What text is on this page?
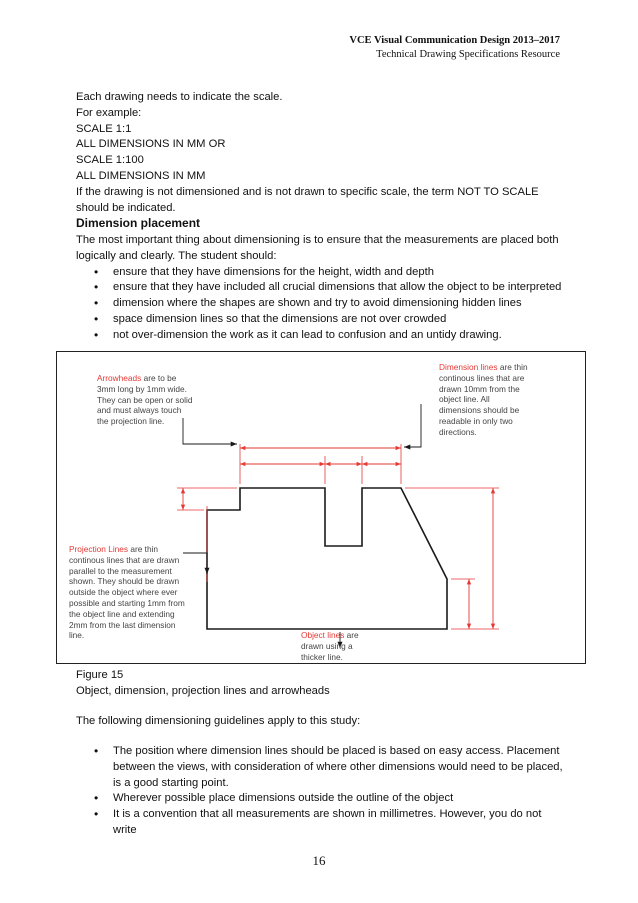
VCE Visual Communication Design 2013–2017
Technical Drawing Specifications Resource
Each drawing needs to indicate the scale.
For example:
SCALE 1:1
ALL DIMENSIONS IN MM OR
SCALE 1:100
ALL DIMENSIONS IN MM
If the drawing is not dimensioned and is not drawn to specific scale, the term NOT TO SCALE should be indicated.
Dimension placement
The most important thing about dimensioning is to ensure that the measurements are placed both logically and clearly. The student should:
• ensure that they have dimensions for the height, width and depth
• ensure that they have included all crucial dimensions that allow the object to be interpreted
• dimension where the shapes are shown and try to avoid dimensioning hidden lines
• space dimension lines so that the dimensions are not over crowded
• not over-dimension the work as it can lead to confusion and an untidy drawing.
Arrowheads are to be 3mm long by 1mm wide. They can be open or solid and must always touch the projection line.
Dimension lines are thin continous lines that are drawn 10mm from the object line. All dimensions should be readable in only two directions.
Projection Lines are thin continous lines that are drawn parallel to the measurement shown. They should be drawn outside the object where ever possible and starting 1mm from the object line and extending 2mm from the last dimension line.	Object lines are drawn using a thicker line.
Figure 15
Object, dimension, projection lines and arrowheads
The following dimensioning guidelines apply to this study:
• The position where dimension lines should be placed is based on easy access. Placement between the views, with consideration of where other dimensions would need to be placed, is a good starting point.
• Wherever possible place dimensions outside the outline of the object
• It is a convention that all measurements are shown in millimetres. However, you do not write
16
